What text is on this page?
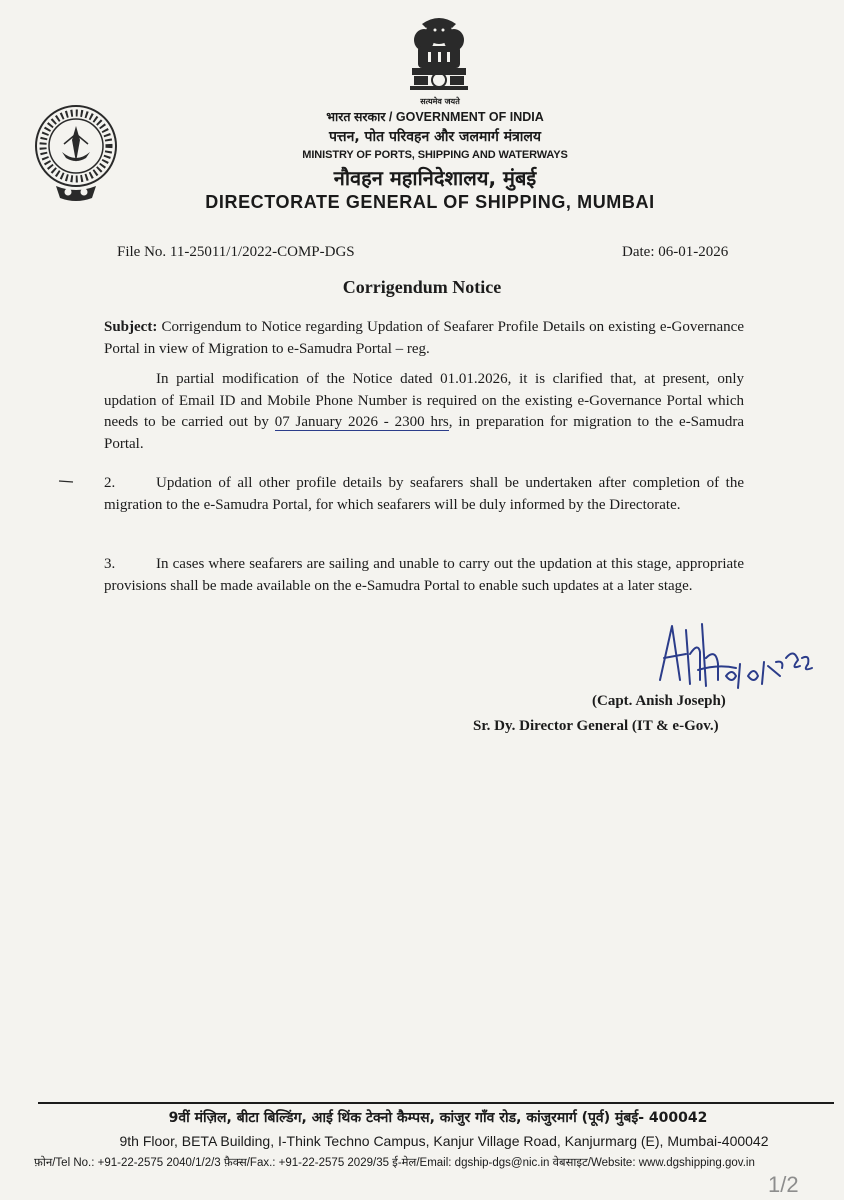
सत्यमेव जयते
भारत सरकार / GOVERNMENT OF INDIA
पत्तन, पोत परिवहन और जलमार्ग मंत्रालय
MINISTRY OF PORTS, SHIPPING AND WATERWAYS
नौवहन महानिदेशालय, मुंबई
DIRECTORATE GENERAL OF SHIPPING, MUMBAI
File No. 11-25011/1/2022-COMP-DGS	Date: 06-01-2026
Corrigendum Notice
Subject: Corrigendum to Notice regarding Updation of Seafarer Profile Details on existing e-Governance Portal in view of Migration to e-Samudra Portal – reg.
In partial modification of the Notice dated 01.01.2026, it is clarified that, at present, only updation of Email ID and Mobile Phone Number is required on the existing e-Governance Portal which needs to be carried out by 07 January 2026 - 2300 hrs, in preparation for migration to the e-Samudra Portal.
2.	Updation of all other profile details by seafarers shall be undertaken after completion of the migration to the e-Samudra Portal, for which seafarers will be duly informed by the Directorate.
3.	In cases where seafarers are sailing and unable to carry out the updation at this stage, appropriate provisions shall be made available on the e-Samudra Portal to enable such updates at a later stage.
(Capt. Anish Joseph)
Sr. Dy. Director General (IT & e-Gov.)
9वीं मंज़िल, बीटा बिल्डिंग, आई थिंक टेक्नो कैम्पस, कांजुर गाँव रोड, कांजुरमार्ग (पूर्व) मुंबई- 400042
9th Floor, BETA Building, I-Think Techno Campus, Kanjur Village Road, Kanjurmarg (E), Mumbai-400042
फ़ोन/Tel No.: +91-22-2575 2040/1/2/3 फ़ैक्स/Fax.: +91-22-2575 2029/35 ई-मेल/Email: dgship-dgs@nic.in वेबसाइट/Website: www.dgshipping.gov.in
1/2
